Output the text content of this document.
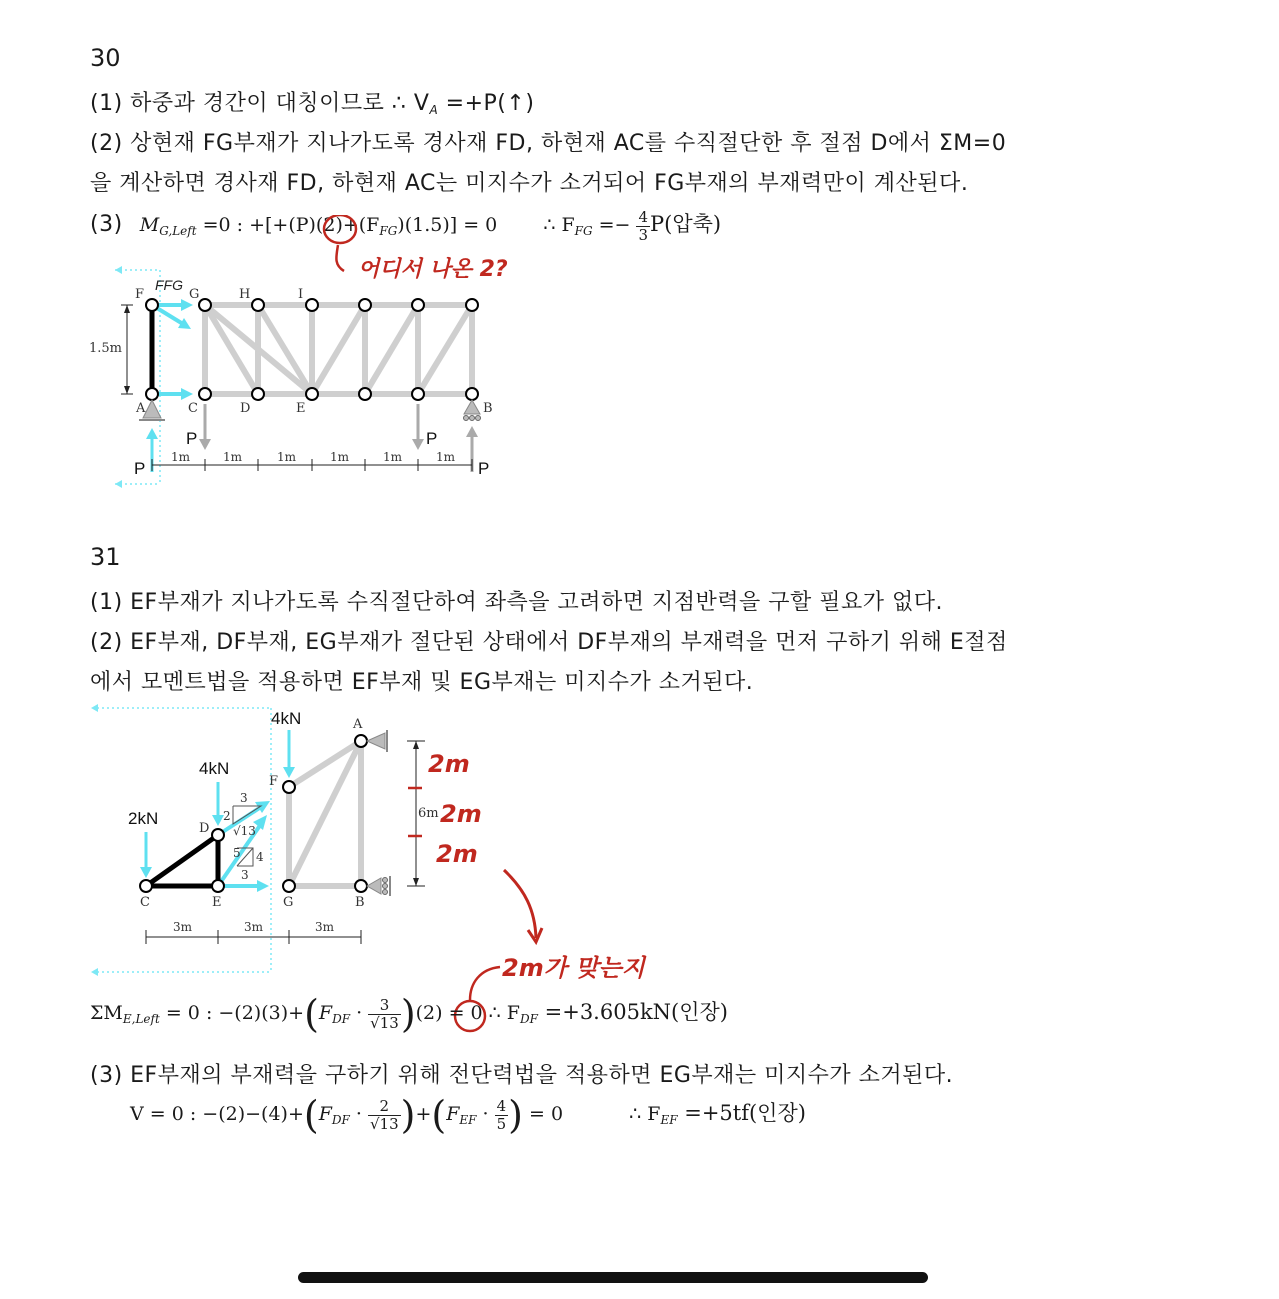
30
(1) 하중과 경간이 대칭이므로 ∴ $V_A$ =+P(↑)
(2) 상현재 FG부재가 지나가도록 경사재 FD, 하현재 AC를 수직절단한 후 절점 D에서 ΣM=0
을 계산하면 경사재 FD, 하현재 AC는 미지수가 소거되어 FG부재의 부재력만이 계산된다.
(3) $M_{G,Left} =0$ : $+[+(P)(2)+(F_{FG})(1.5)] = 0$ ∴ $F_{FG} =- \frac{4}{3} P$(압축)
어디서 나온 2?
F	G	H	I
A	C	D	E	B
FFG
1.5m
P	P
P
P
1m	1m	1m	1m	1m	1m
31
(1) EF부재가 지나가도록 수직절단하여 좌측을 고려하면 지점반력을 구할 필요가 없다.
(2) EF부재, DF부재, EG부재가 절단된 상태에서 DF부재의 부재력을 먼저 구하기 위해 E절점
에서 모멘트법을 적용하면 EF부재 및 EG부재는 미지수가 소거된다.
3
2
√13
5 4
3
A
F
D
C	E	G	B
4kN
4kN
2kN	6m
3m	3m	3m
2m
2m
2m
2m가 맞는지
$\Sigma M_{E,Left} = 0$ : $-(2)(3)+(F_{DF} \cdot \frac{3}{√13} )(2) = 0$ ∴ $F_{DF} =+3.605kN$(인장)
(3) EF부재의 부재력을 구하기 위해 전단력법을 적용하면 EG부재는 미지수가 소거된다.
V = 0 : $-(2)-(4)+(F_{DF} \cdot \frac{2}{√13} )+(F_{EF} \cdot \frac{4}{5}$ ) = 0	∴ $F_{EF} =+5tf$(인장)
